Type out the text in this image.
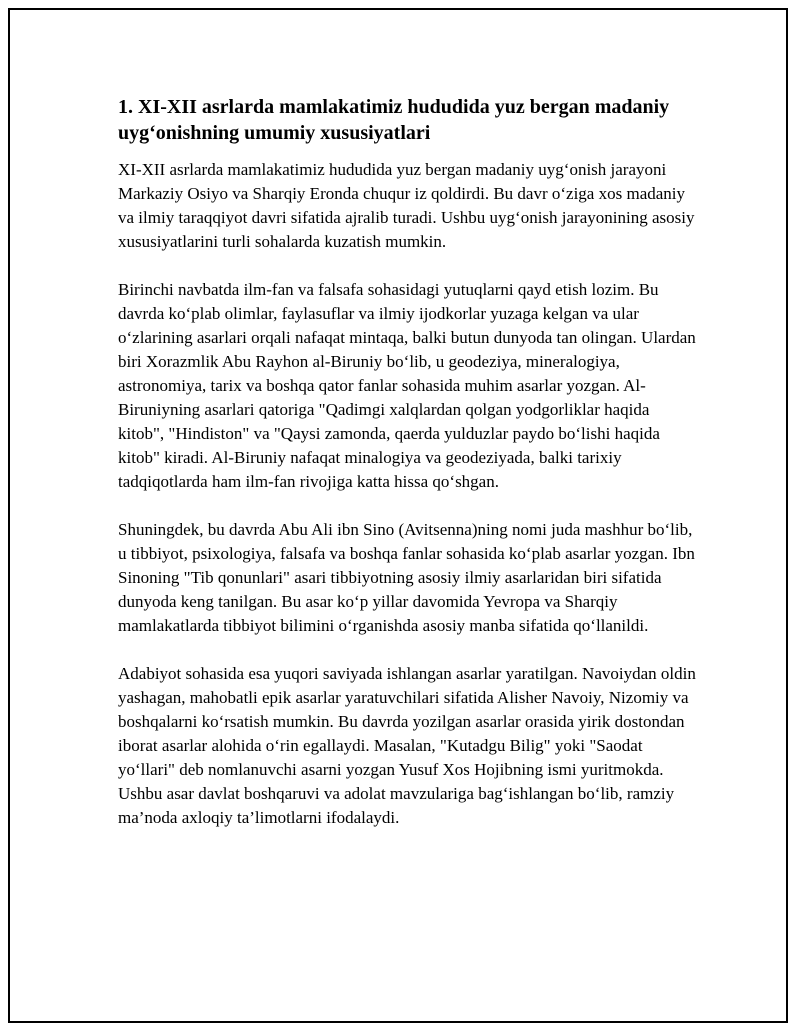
1. XI-XII asrlarda mamlakatimiz hududida yuz bergan madaniy uyg‘onishning umumiy xususiyatlari

XI-XII asrlarda mamlakatimiz hududida yuz bergan madaniy uyg‘onish jarayoni Markaziy Osiyo va Sharqiy Eronda chuqur iz qoldirdi. Bu davr o‘ziga xos madaniy va ilmiy taraqqiyot davri sifatida ajralib turadi. Ushbu uyg‘onish jarayonining asosiy xususiyatlarini turli sohalarda kuzatish mumkin.

Birinchi navbatda ilm-fan va falsafa sohasidagi yutuqlarni qayd etish lozim. Bu davrda ko‘plab olimlar, faylasuflar va ilmiy ijodkorlar yuzaga kelgan va ular o‘zlarining asarlari orqali nafaqat mintaqa, balki butun dunyoda tan olingan. Ulardan biri Xorazmlik Abu Rayhon al-Biruniy bo‘lib, u geodeziya, mineralogiya, astronomiya, tarix va boshqa qator fanlar sohasida muhim asarlar yozgan. Al-Biruniyning asarlari qatoriga "Qadimgi xalqlardan qolgan yodgorliklar haqida kitob", "Hindiston" va "Qaysi zamonda, qaerda yulduzlar paydo bo‘lishi haqida kitob" kiradi. Al-Biruniy nafaqat minalogiya va geodeziyada, balki tarixiy tadqiqotlarda ham ilm-fan rivojiga katta hissa qo‘shgan.

Shuningdek, bu davrda Abu Ali ibn Sino (Avitsenna)ning nomi juda mashhur bo‘lib, u tibbiyot, psixologiya, falsafa va boshqa fanlar sohasida ko‘plab asarlar yozgan. Ibn Sinoning "Tib qonunlari" asari tibbiyotning asosiy ilmiy asarlaridan biri sifatida dunyoda keng tanilgan. Bu asar ko‘p yillar davomida Yevropa va Sharqiy mamlakatlarda tibbiyot bilimini o‘rganishda asosiy manba sifatida qo‘llanildi.

Adabiyot sohasida esa yuqori saviyada ishlangan asarlar yaratilgan. Navoiydan oldin yashagan, mahobatli epik asarlar yaratuvchilari sifatida Alisher Navoiy, Nizomiy va boshqalarni ko‘rsatish mumkin. Bu davrda yozilgan asarlar orasida yirik dostondan iborat asarlar alohida o‘rin egallaydi. Masalan, "Kutadgu Bilig" yoki "Saodat yo‘llari" deb nomlanuvchi asarni yozgan Yusuf Xos Hojibning ismi yuritmokda. Ushbu asar davlat boshqaruvi va adolat mavzulariga bag‘ishlangan bo‘lib, ramziy ma’noda axloqiy ta’limotlarni ifodalaydi.
